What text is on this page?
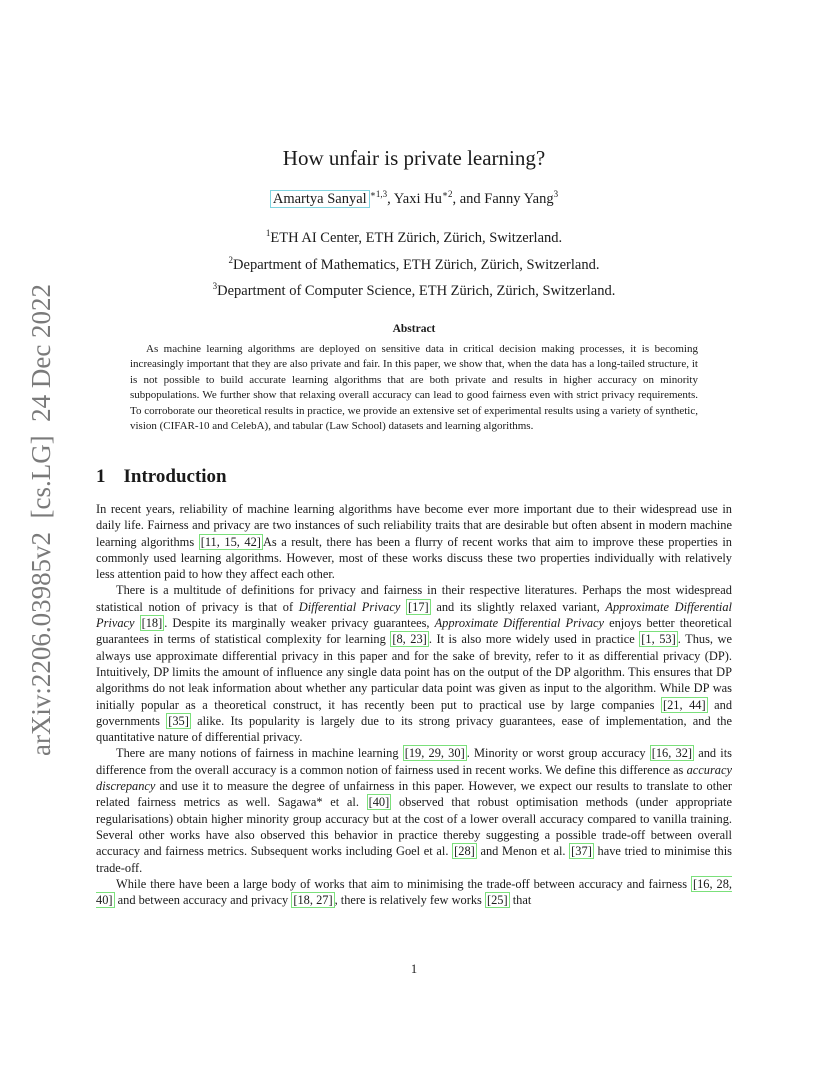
arXiv:2206.03985v2  [cs.LG]  24 Dec 2022
How unfair is private learning?
Amartya Sanyal $^{∗1,3}$, Yaxi $Hu^{∗2}$, and Fanny Yang$^3$
$^1$ETH AI Center, ETH Zürich, Zürich, Switzerland.
$^2$Department of Mathematics, ETH Zürich, Zürich, Switzerland.
$^3$Department of Computer Science, ETH Zürich, Zürich, Switzerland.
Abstract

As machine learning algorithms are deployed on sensitive data in critical decision making processes, it is becoming increasingly important that they are also private and fair. In this paper, we show that, when the data has a long-tailed structure, it is not possible to build accurate learning algorithms that are both private and results in higher accuracy on minority subpopulations. We further show that relaxing overall accuracy can lead to good fairness even with strict privacy requirements. To corroborate our theoretical results in practice, we provide an extensive set of experimental results using a variety of synthetic, vision (CIFAR-10 and CelebA), and tabular (Law School) datasets and learning algorithms.

1 Introduction

In recent years, reliability of machine learning algorithms have become ever more important due to their widespread use in daily life. Fairness and privacy are two instances of such reliability traits that are desirable but often absent in modern machine learning algorithms [11, 15, 42] As a result, there has been a flurry of recent works that aim to improve these properties in commonly used learning algorithms. However, most of these works discuss these two properties individually with relatively less attention paid to how they affect each other.

There is a multitude of definitions for privacy and fairness in their respective literatures. Perhaps the most widespread statistical notion of privacy is that of Differential Privacy [17] and its slightly relaxed variant, Approximate Differential Privacy [18] . Despite its marginally weaker privacy guarantees, Approximate Differential Privacy enjoys better theoretical guarantees in terms of statistical complexity for learning [8, 23] . It is also more widely used in practice [1, 53] . Thus, we always use approximate differential privacy in this paper and for the sake of brevity, refer to it as differential privacy (DP). Intuitively, DP limits the amount of influence any single data point has on the output of the DP algorithm. This ensures that DP algorithms do not leak information about whether any particular data point was given as input to the algorithm. While DP was initially popular as a theoretical construct, it has recently been put to practical use by large companies [21, 44] and governments [35] alike. Its popularity is largely due to its strong privacy guarantees, ease of implementation, and the quantitative nature of differential privacy.

There are many notions of fairness in machine learning [19, 29, 30] . Minority or worst group accuracy [16, 32] and its difference from the overall accuracy is a common notion of fairness used in recent works. We define this difference as accuracy discrepancy and use it to measure the degree of unfairness in this paper. However, we expect our results to translate to other related fairness metrics as well. Sagawa* et al. [40] observed that robust optimisation methods (under appropriate regularisations) obtain higher minority group accuracy but at the cost of a lower overall accuracy compared to vanilla training. Several other works have also observed this behavior in practice thereby suggesting a possible trade-off between overall accuracy and fairness metrics. Subsequent works including Goel et al. [28] and Menon et al. [37] have tried to minimise this trade-off.

While there have been a large body of works that aim to minimising the trade-off between accuracy and fairness [16, 28, 40] and between accuracy and privacy [18, 27] , there is relatively few works [25] that

1
